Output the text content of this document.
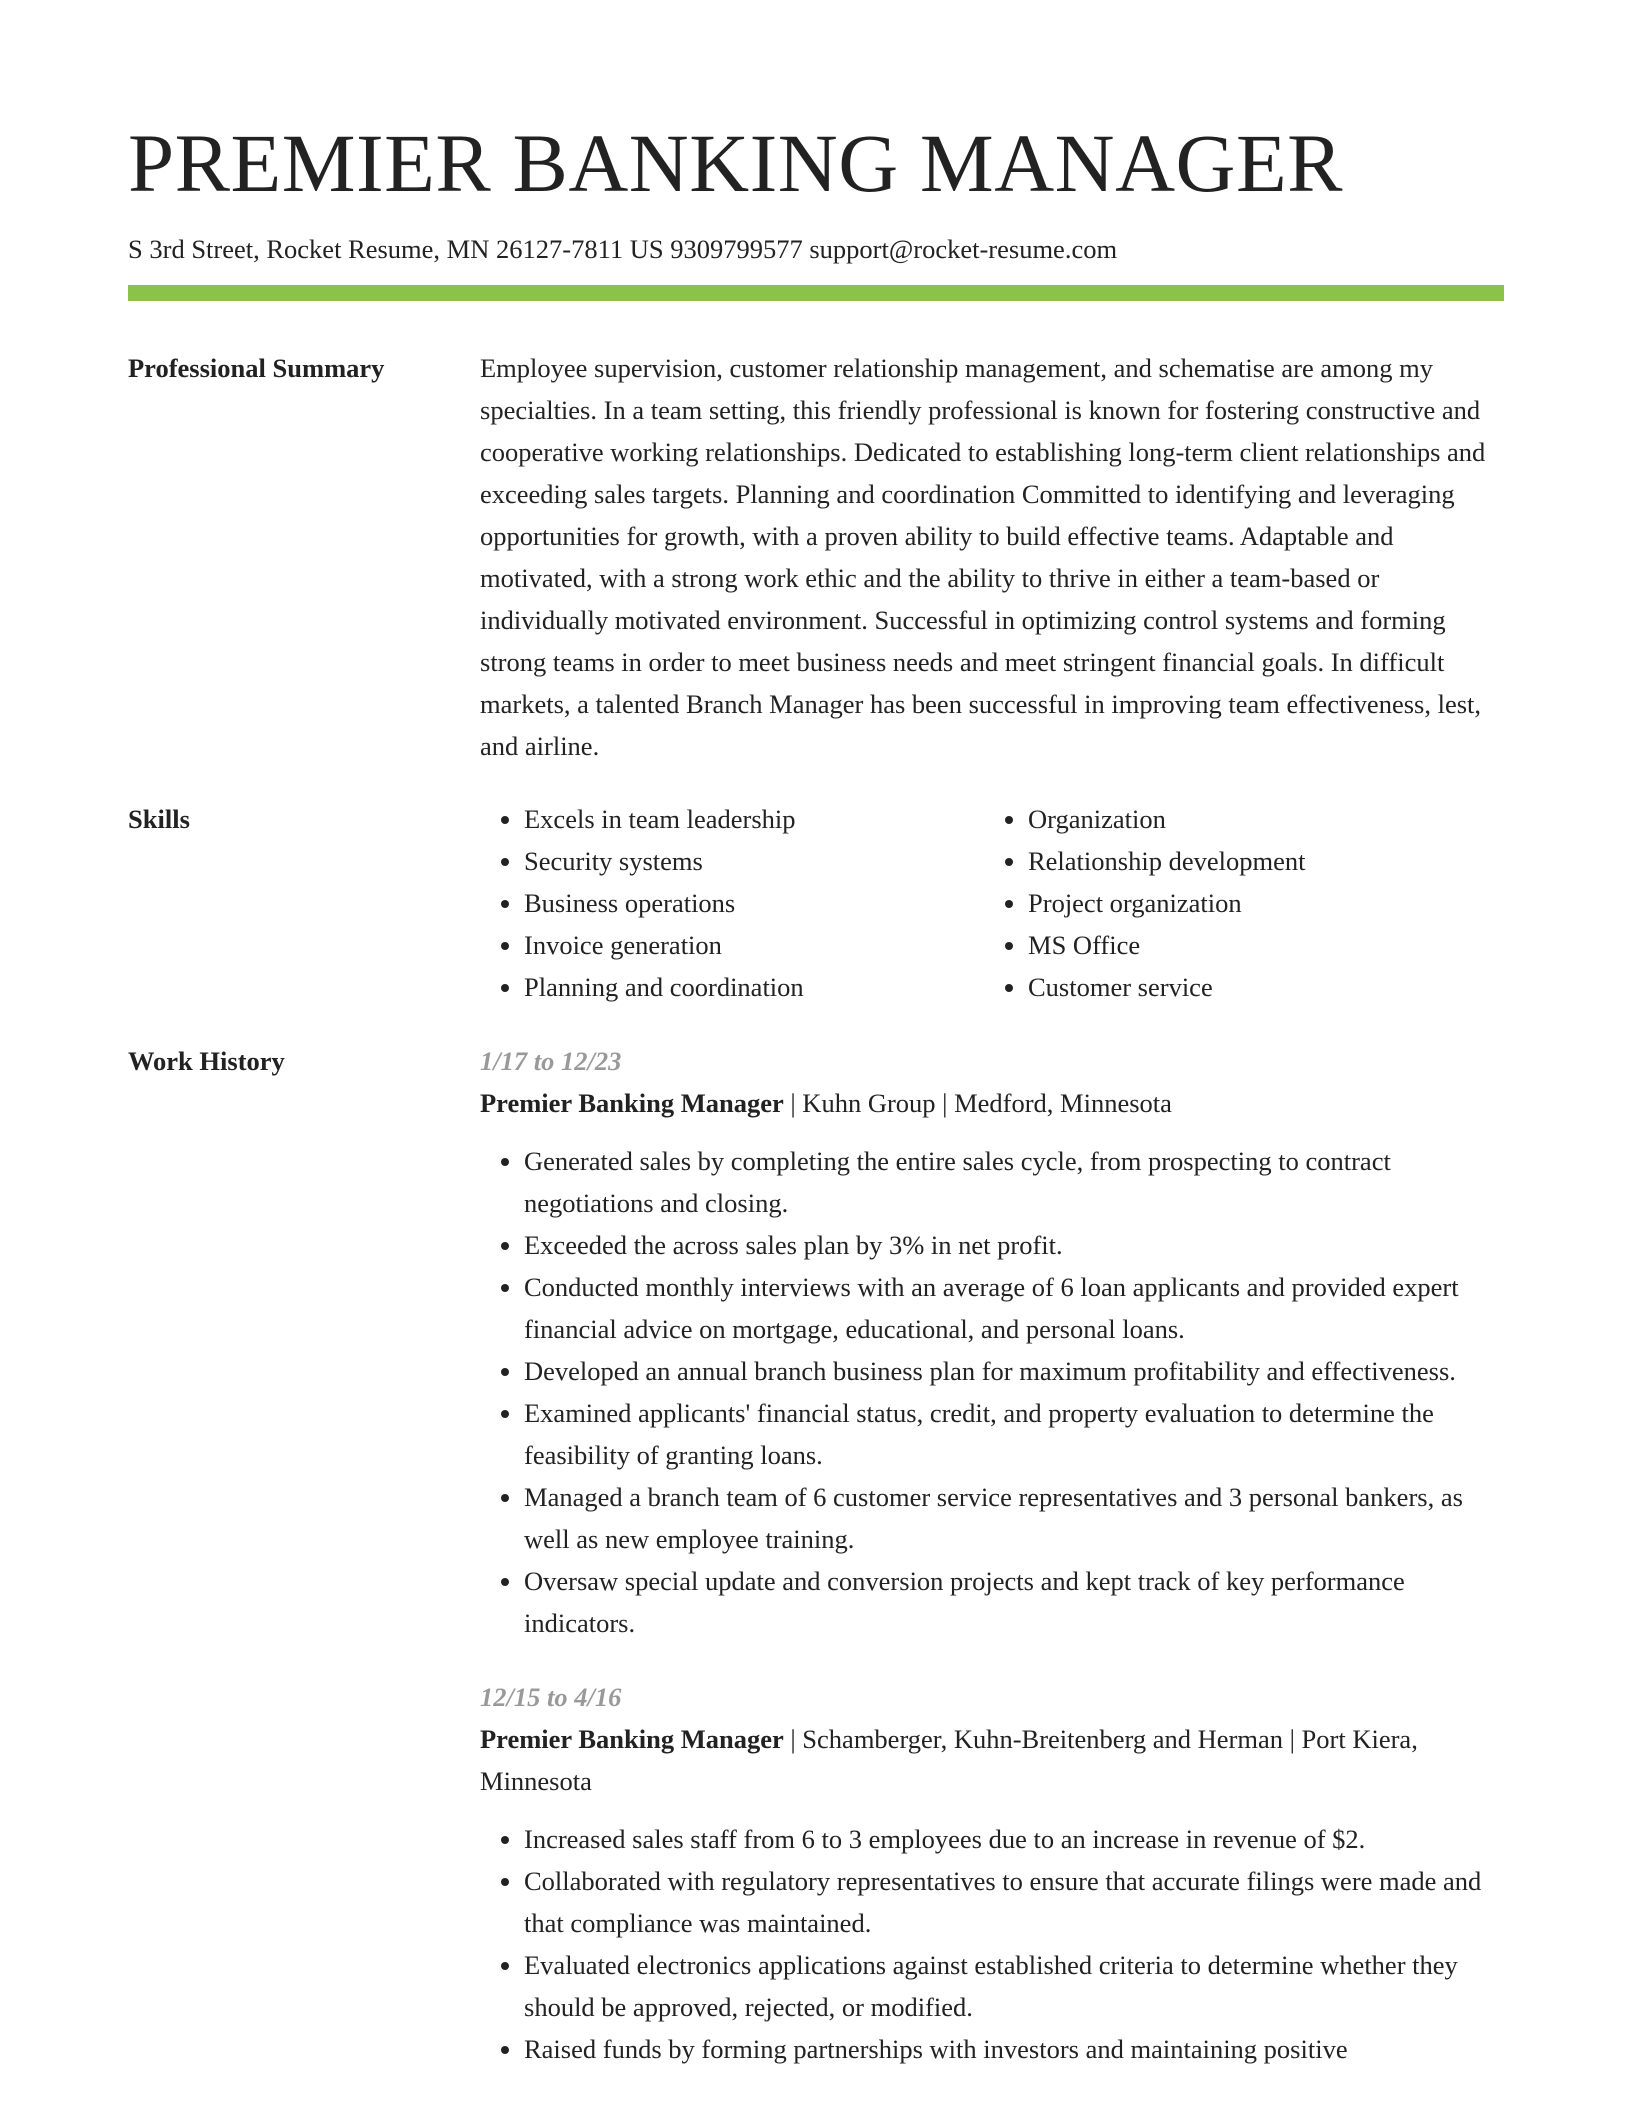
PREMIER BANKING MANAGER
S 3rd Street, Rocket Resume, MN 26127-7811 US 9309799577 support@rocket-resume.com
Professional Summary	Employee supervision, customer relationship management, and schematise are among my specialties. In a team setting, this friendly professional is known for fostering constructive and cooperative working relationships. Dedicated to establishing long-term client relationships and exceeding sales targets. Planning and coordination Committed to identifying and leveraging opportunities for growth, with a proven ability to build effective teams. Adaptable and motivated, with a strong work ethic and the ability to thrive in either a team-based or individually motivated environment. Successful in optimizing control systems and forming strong teams in order to meet business needs and meet stringent financial goals. In difficult markets, a talented Branch Manager has been successful in improving team effectiveness, lest, and airline.

Skills
•	Excels in team leadership
• Security systems
• Business operations
• Invoice generation
• Planning and coordination
• Organization
• Relationship development
• Project organization
• MS Office
• Customer service
Work History	1/17 to 12/23
Premier Banking Manager | Kuhn Group | Medford, Minnesota
• Generated sales by completing the entire sales cycle, from prospecting to contract negotiations and closing.
• Exceeded the across sales plan by 3% in net profit.
• Conducted monthly interviews with an average of 6 loan applicants and provided expert financial advice on mortgage, educational, and personal loans.
• Developed an annual branch business plan for maximum profitability and effectiveness.
• Examined applicants' financial status, credit, and property evaluation to determine the feasibility of granting loans.
• Managed a branch team of 6 customer service representatives and 3 personal bankers, as well as new employee training.
• Oversaw special update and conversion projects and kept track of key performance indicators.
12/15 to 4/16
Premier Banking Manager | Schamberger, Kuhn-Breitenberg and Herman | Port Kiera, Minnesota
• Increased sales staff from 6 to 3 employees due to an increase in revenue of $2.
• Collaborated with regulatory representatives to ensure that accurate filings were made and that compliance was maintained.
• Evaluated electronics applications against established criteria to determine whether they should be approved, rejected, or modified.
• Raised funds by forming partnerships with investors and maintaining positive
